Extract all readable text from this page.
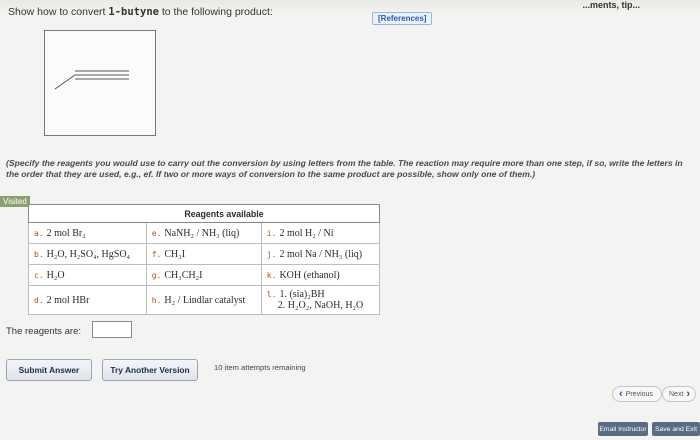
...ments, tip...
[References]
Show how to convert 1-butyne to the following product:
(Specify the reagents you would use to carry out the conversion by using letters from the table. The reaction may require more than one step, if so, write the letters in the order that they are used, e.g., ef. If two or more ways of conversion to the same product are possible, show only one of them.)
Visited
Reagents available		
a. 2 mol Br₂	e. NaNH₂ / NH₃ (liq)	i. 2 mol H₂ / Ni
b. H₂O, H₂SO₄, HgSO₄	f. CH₃I	j. 2 mol Na / NH₃ (liq)
c. H₂O	g. CH₃CH₂I	k. KOH (ethanol)
d. 2 mol HBr	h. H₂ / Lindlar catalyst	l. 1. (sia)₂BH
2. H₂O₂, NaOH, H₂O
The reagents are:
Submit Answer	Try Another Version	10 item attempts remaining
‹ Previous Next ›
Email Instructor	Save and Exit
